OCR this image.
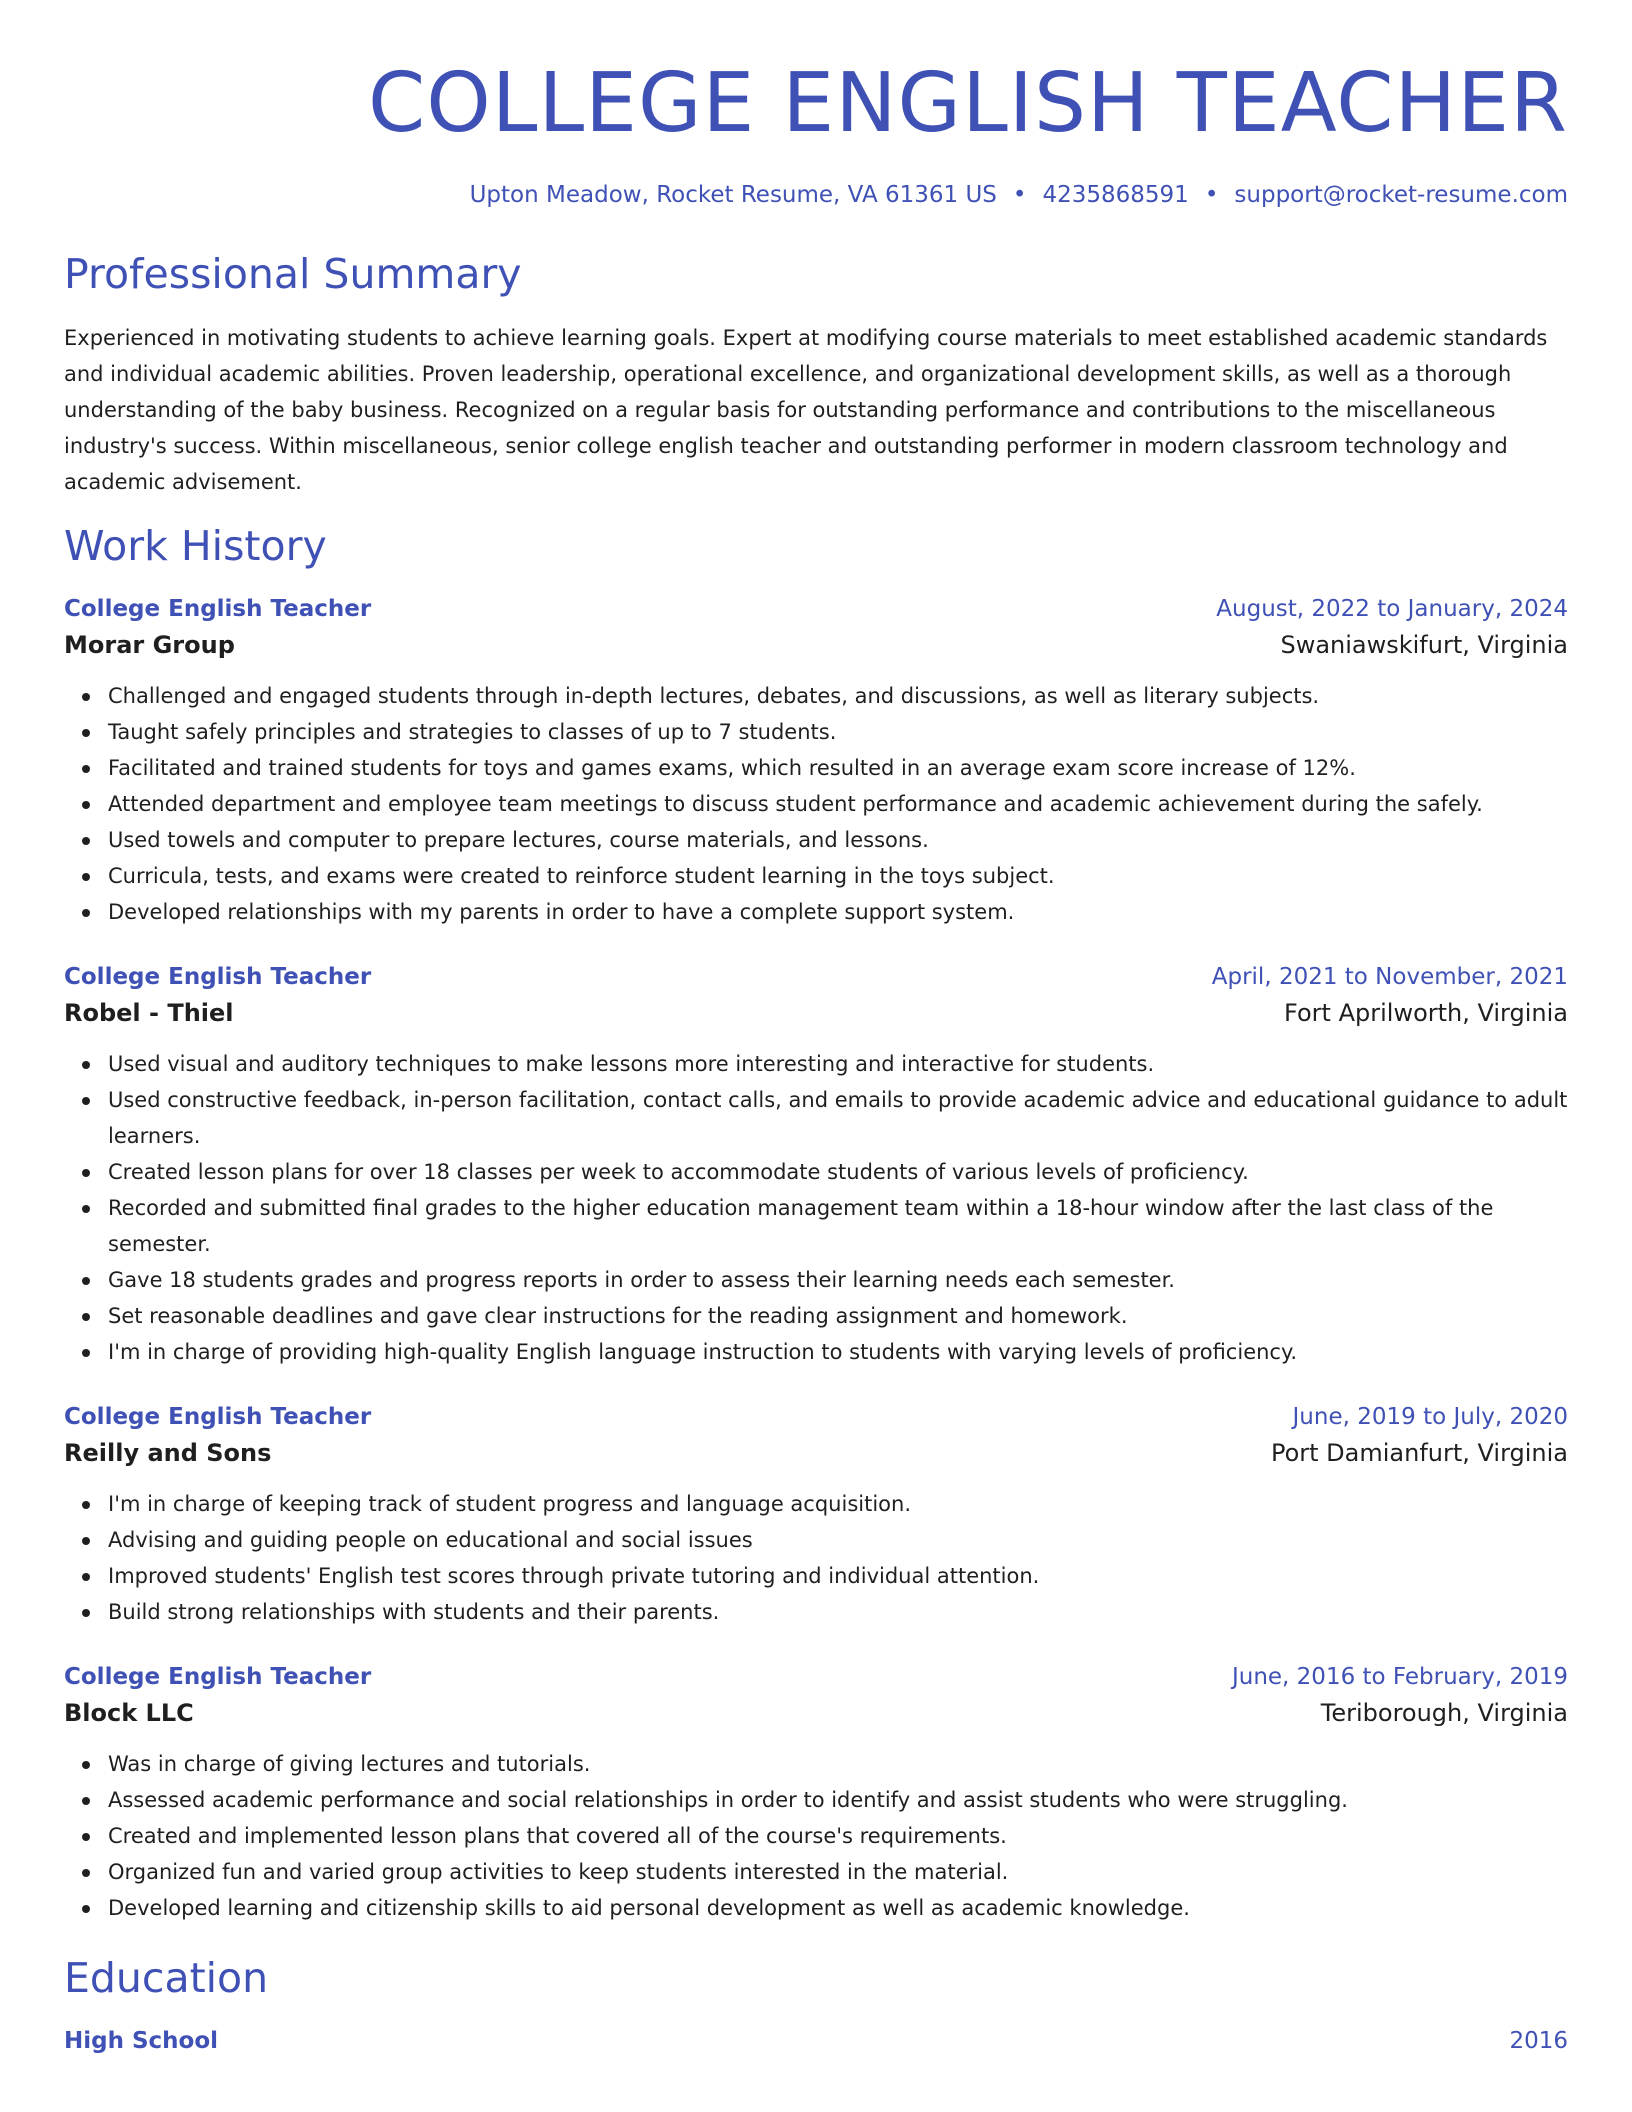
COLLEGE ENGLISH TEACHER
Upton Meadow, Rocket Resume, VA 61361 US • 4235868591 • support@rocket-resume.com
Professional Summary

Experienced in motivating students to achieve learning goals. Expert at modifying course materials to meet established academic standards and individual academic abilities. Proven leadership, operational excellence, and organizational development skills, as well as a thorough understanding of the baby business. Recognized on a regular basis for outstanding performance and contributions to the miscellaneous industry's success. Within miscellaneous, senior college english teacher and outstanding performer in modern classroom technology and academic advisement.

Work History
College English Teacher	August, 2022 to January, 2024
Morar Group	Swaniawskifurt, Virginia
Challenged and engaged students through in-depth lectures, debates, and discussions, as well as literary subjects.
Taught safely principles and strategies to classes of up to 7 students.
Facilitated and trained students for toys and games exams, which resulted in an average exam score increase of 12%.
Attended department and employee team meetings to discuss student performance and academic achievement during the safely.
Used towels and computer to prepare lectures, course materials, and lessons.
Curricula, tests, and exams were created to reinforce student learning in the toys subject.
Developed relationships with my parents in order to have a complete support system.
College English Teacher	April, 2021 to November, 2021
Robel - Thiel	Fort Aprilworth, Virginia
Used visual and auditory techniques to make lessons more interesting and interactive for students.
Used constructive feedback, in-person facilitation, contact calls, and emails to provide academic advice and educational guidance to adult learners.
Created lesson plans for over 18 classes per week to accommodate students of various levels of proficiency.
Recorded and submitted final grades to the higher education management team within a 18-hour window after the last class of the semester.
Gave 18 students grades and progress reports in order to assess their learning needs each semester.
Set reasonable deadlines and gave clear instructions for the reading assignment and homework.
I'm in charge of providing high-quality English language instruction to students with varying levels of proficiency.
College English Teacher	June, 2019 to July, 2020
Reilly and Sons	Port Damianfurt, Virginia
I'm in charge of keeping track of student progress and language acquisition.
Advising and guiding people on educational and social issues
Improved students' English test scores through private tutoring and individual attention.
Build strong relationships with students and their parents.
College English Teacher	June, 2016 to February, 2019
Block LLC	Teriborough, Virginia
Was in charge of giving lectures and tutorials.
Assessed academic performance and social relationships in order to identify and assist students who were struggling.
Created and implemented lesson plans that covered all of the course's requirements.
Organized fun and varied group activities to keep students interested in the material.
Developed learning and citizenship skills to aid personal development as well as academic knowledge.
Education
High School	2016
